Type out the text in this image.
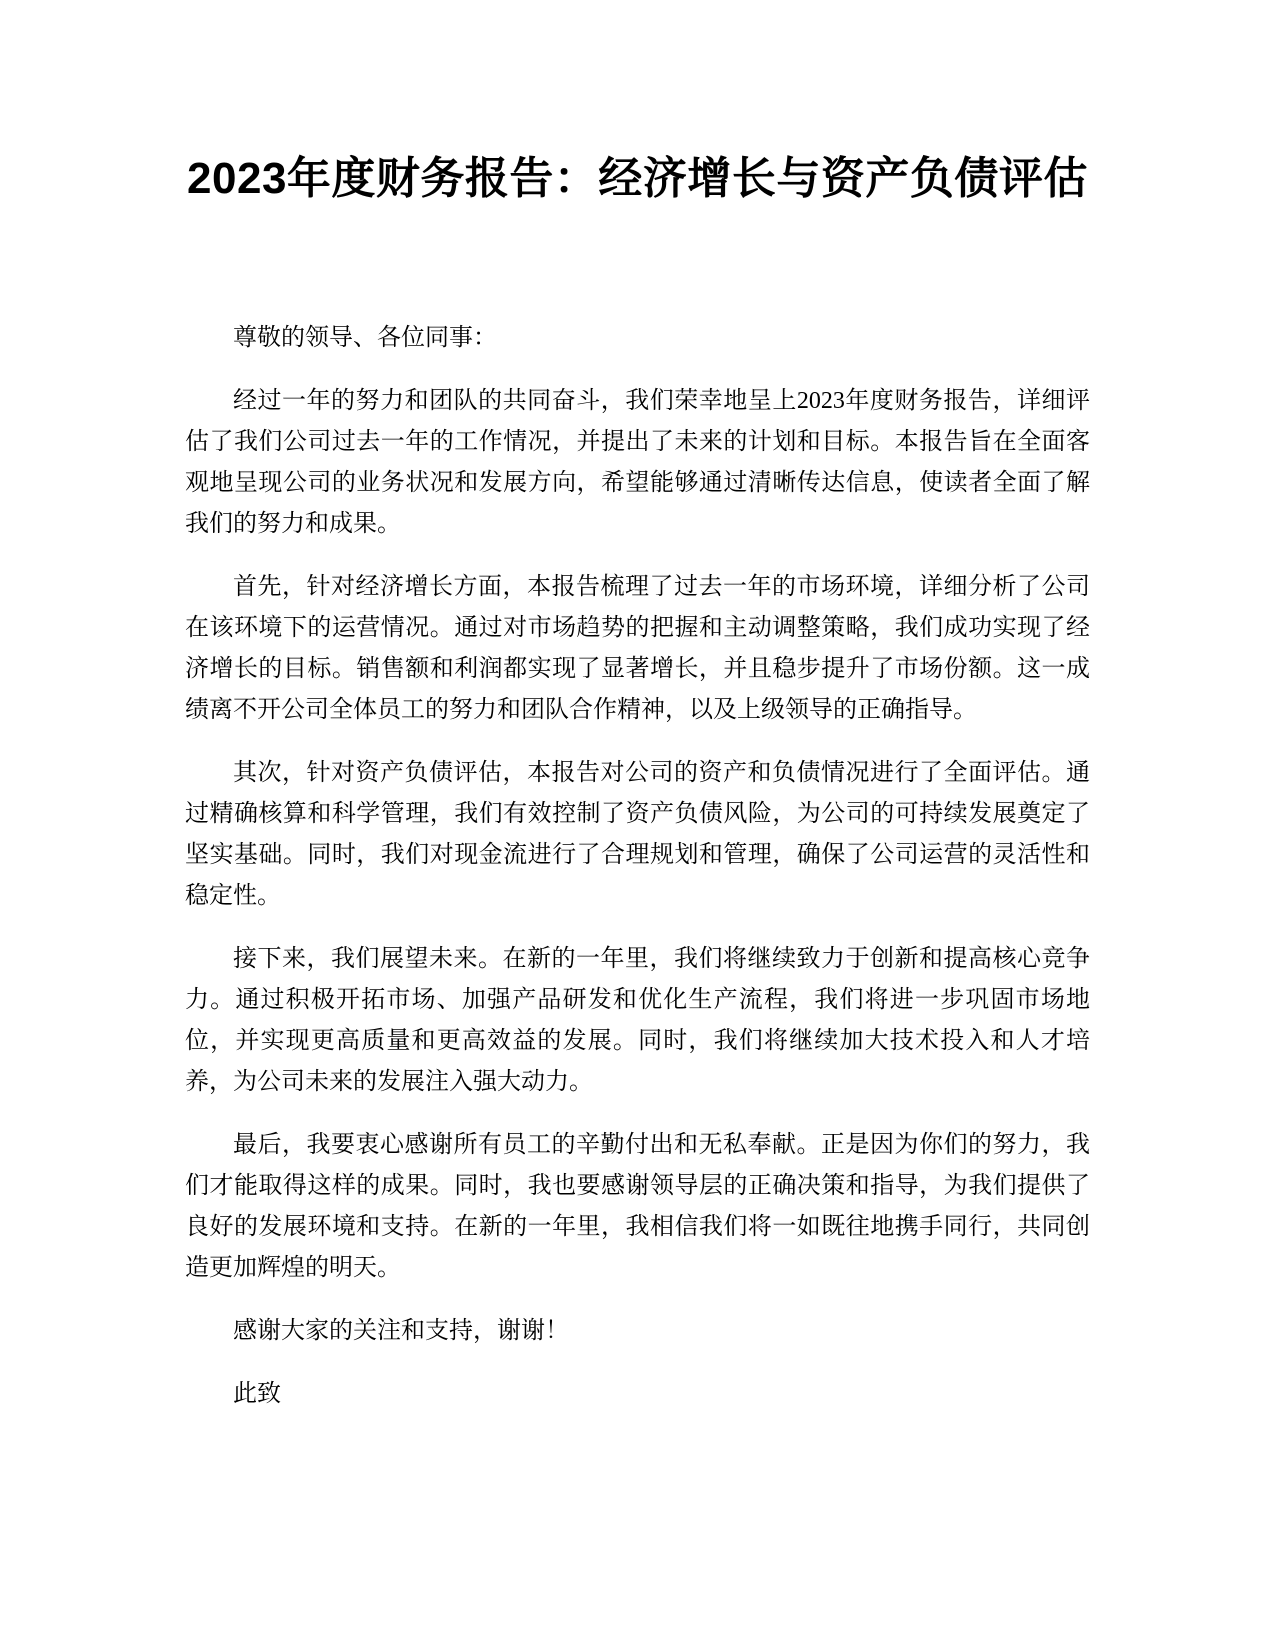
2023年度财务报告：经济增长与资产负债评估

尊敬的领导、各位同事：

经过一年的努力和团队的共同奋斗，我们荣幸地呈上2023年度财务报告，详细评估了我们公司过去一年的工作情况，并提出了未来的计划和目标。本报告旨在全面客观地呈现公司的业务状况和发展方向，希望能够通过清晰传达信息，使读者全面了解我们的努力和成果。

首先，针对经济增长方面，本报告梳理了过去一年的市场环境，详细分析了公司在该环境下的运营情况。通过对市场趋势的把握和主动调整策略，我们成功实现了经济增长的目标。销售额和利润都实现了显著增长，并且稳步提升了市场份额。这一成绩离不开公司全体员工的努力和团队合作精神，以及上级领导的正确指导。

其次，针对资产负债评估，本报告对公司的资产和负债情况进行了全面评估。通过精确核算和科学管理，我们有效控制了资产负债风险，为公司的可持续发展奠定了坚实基础。同时，我们对现金流进行了合理规划和管理，确保了公司运营的灵活性和稳定性。

接下来，我们展望未来。在新的一年里，我们将继续致力于创新和提高核心竞争力。通过积极开拓市场、加强产品研发和优化生产流程，我们将进一步巩固市场地位，并实现更高质量和更高效益的发展。同时，我们将继续加大技术投入和人才培养，为公司未来的发展注入强大动力。

最后，我要衷心感谢所有员工的辛勤付出和无私奉献。正是因为你们的努力，我们才能取得这样的成果。同时，我也要感谢领导层的正确决策和指导，为我们提供了良好的发展环境和支持。在新的一年里，我相信我们将一如既往地携手同行，共同创造更加辉煌的明天。

感谢大家的关注和支持，谢谢！

此致
